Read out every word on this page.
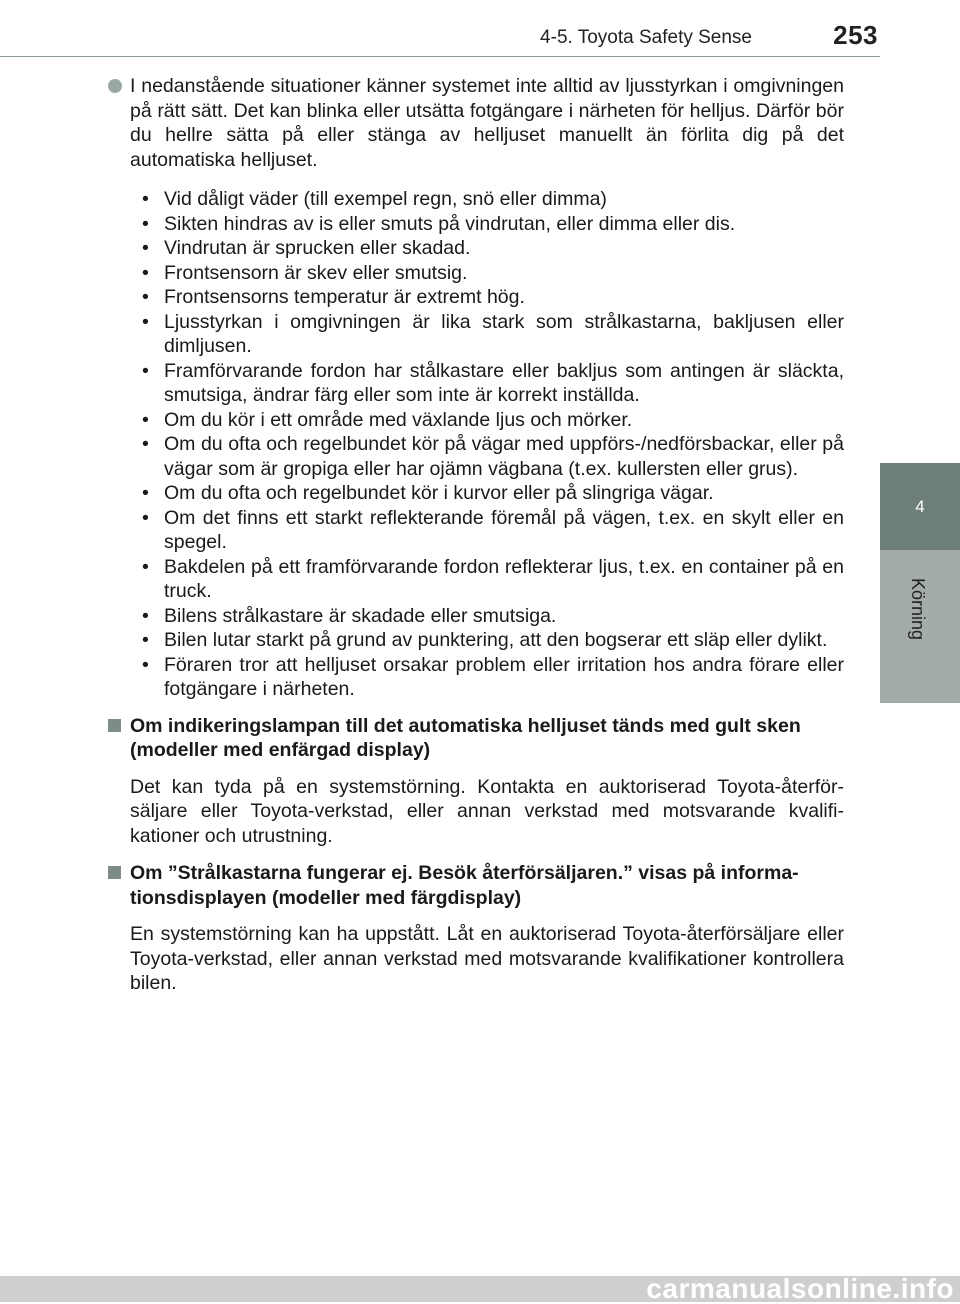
4-5. Toyota Safety Sense	253
4
Körning

I nedanstående situationer känner systemet inte alltid av ljusstyrkan i omgivningen på rätt sätt. Det kan blinka eller utsätta fotgängare i närheten för helljus. Därför bör du hellre sätta på eller stänga av helljuset manuellt än förlita dig på det automatiska helljuset.

• Vid dåligt väder (till exempel regn, snö eller dimma)
• Sikten hindras av is eller smuts på vindrutan, eller dimma eller dis.
• Vindrutan är sprucken eller skadad.
• Frontsensorn är skev eller smutsig.
• Frontsensorns temperatur är extremt hög.
• Ljusstyrkan i omgivningen är lika stark som strålkastarna, bakljusen eller dimljusen.
• Framförvarande fordon har stålkastare eller bakljus som antingen är släckta, smutsiga, ändrar färg eller som inte är korrekt inställda.
• Om du kör i ett område med växlande ljus och mörker.
• Om du ofta och regelbundet kör på vägar med uppförs-/nedförsbackar, eller på vägar som är gropiga eller har ojämn vägbana (t.ex. kullersten eller grus).
• Om du ofta och regelbundet kör i kurvor eller på slingriga vägar.
• Om det finns ett starkt reflekterande föremål på vägen, t.ex. en skylt eller en spegel.
• Bakdelen på ett framförvarande fordon reflekterar ljus, t.ex. en container på en truck.
• Bilens strålkastare är skadade eller smutsiga.
• Bilen lutar starkt på grund av punktering, att den bogserar ett släp eller dylikt.
• Föraren tror att helljuset orsakar problem eller irritation hos andra förare eller fotgängare i närheten.
Om indikeringslampan till det automatiska helljuset tänds med gult sken (modeller med enfärgad display)

Det kan tyda på en systemstörning. Kontakta en auktoriserad Toyota-återför-säljare eller Toyota-verkstad, eller annan verkstad med motsvarande kvalifi-kationer och utrustning.

Om ”Strålkastarna fungerar ej. Besök återförsäljaren.” visas på informa-tionsdisplayen (modeller med färgdisplay)

En systemstörning kan ha uppstått. Låt en auktoriserad Toyota-återförsäljare eller Toyota-verkstad, eller annan verkstad med motsvarande kvalifikationer kontrollera bilen.

carmanualsonline.info
